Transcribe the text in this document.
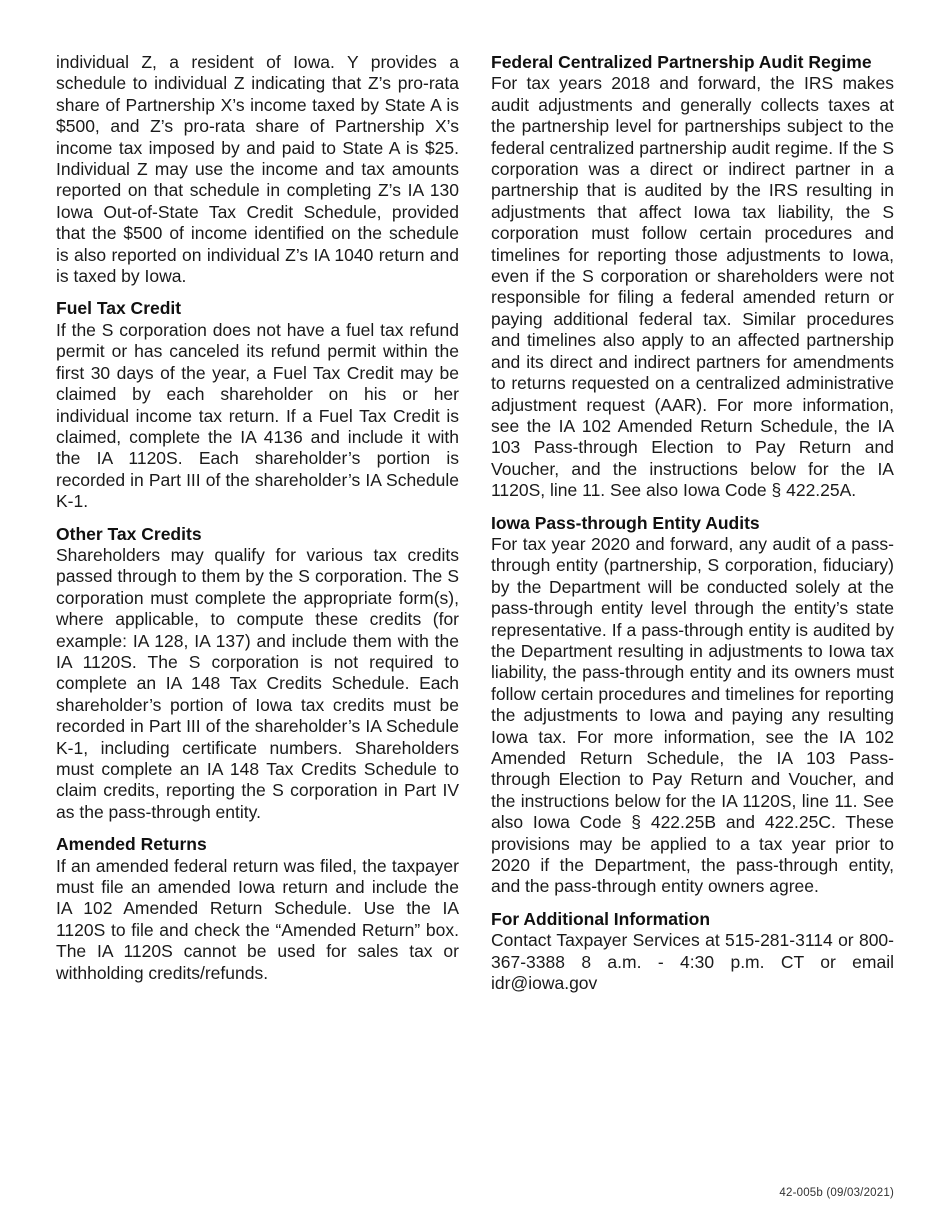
individual Z, a resident of Iowa. Y provides a schedule to individual Z indicating that Z’s pro-rata share of Partnership X’s income taxed by State A is $500, and Z’s pro-rata share of Partnership X’s income tax imposed by and paid to State A is $25. Individual Z may use the income and tax amounts reported on that schedule in completing Z’s IA 130 Iowa Out-of-State Tax Credit Schedule, provided that the $500 of income identified on the schedule is also reported on individual Z’s IA 1040 return and is taxed by Iowa.

Fuel Tax Credit

If the S corporation does not have a fuel tax refund permit or has canceled its refund permit within the first 30 days of the year, a Fuel Tax Credit may be claimed by each shareholder on his or her individual income tax return. If a Fuel Tax Credit is claimed, complete the IA 4136 and include it with the IA 1120S. Each shareholder’s portion is recorded in Part III of the shareholder’s IA Schedule K-1.

Other Tax Credits

Shareholders may qualify for various tax credits passed through to them by the S corporation. The S corporation must complete the appropriate form(s), where applicable, to compute these credits (for example: IA 128, IA 137) and include them with the IA 1120S. The S corporation is not required to complete an IA 148 Tax Credits Schedule. Each shareholder’s portion of Iowa tax credits must be recorded in Part III of the shareholder’s IA Schedule K-1, including certificate numbers. Shareholders must complete an IA 148 Tax Credits Schedule to claim credits, reporting the S corporation in Part IV as the pass-through entity.

Amended Returns

If an amended federal return was filed, the taxpayer must file an amended Iowa return and include the IA 102 Amended Return Schedule. Use the IA 1120S to file and check the “Amended Return” box. The IA 1120S cannot be used for sales tax or withholding credits/refunds.

Federal Centralized Partnership Audit Regime

For tax years 2018 and forward, the IRS makes audit adjustments and generally collects taxes at the partnership level for partnerships subject to the federal centralized partnership audit regime. If the S corporation was a direct or indirect partner in a partnership that is audited by the IRS resulting in adjustments that affect Iowa tax liability, the S corporation must follow certain procedures and timelines for reporting those adjustments to Iowa, even if the S corporation or shareholders were not responsible for filing a federal amended return or paying additional federal tax. Similar procedures and timelines also apply to an affected partnership and its direct and indirect partners for amendments to returns requested on a centralized administrative adjustment request (AAR). For more information, see the IA 102 Amended Return Schedule, the IA 103 Pass-through Election to Pay Return and Voucher, and the instructions below for the IA 1120S, line 11. See also Iowa Code § 422.25A.

Iowa Pass-through Entity Audits

For tax year 2020 and forward, any audit of a pass-through entity (partnership, S corporation, fiduciary) by the Department will be conducted solely at the pass-through entity level through the entity’s state representative. If a pass-through entity is audited by the Department resulting in adjustments to Iowa tax liability, the pass-through entity and its owners must follow certain procedures and timelines for reporting the adjustments to Iowa and paying any resulting Iowa tax. For more information, see the IA 102 Amended Return Schedule, the IA 103 Pass-through Election to Pay Return and Voucher, and the instructions below for the IA 1120S, line 11. See also Iowa Code § 422.25B and 422.25C. These provisions may be applied to a tax year prior to 2020 if the Department, the pass-through entity, and the pass-through entity owners agree.

For Additional Information

Contact Taxpayer Services at 515-281-3114 or 800-367-3388 8 a.m. - 4:30 p.m. CT or email idr@iowa.gov

42-005b (09/03/2021)
